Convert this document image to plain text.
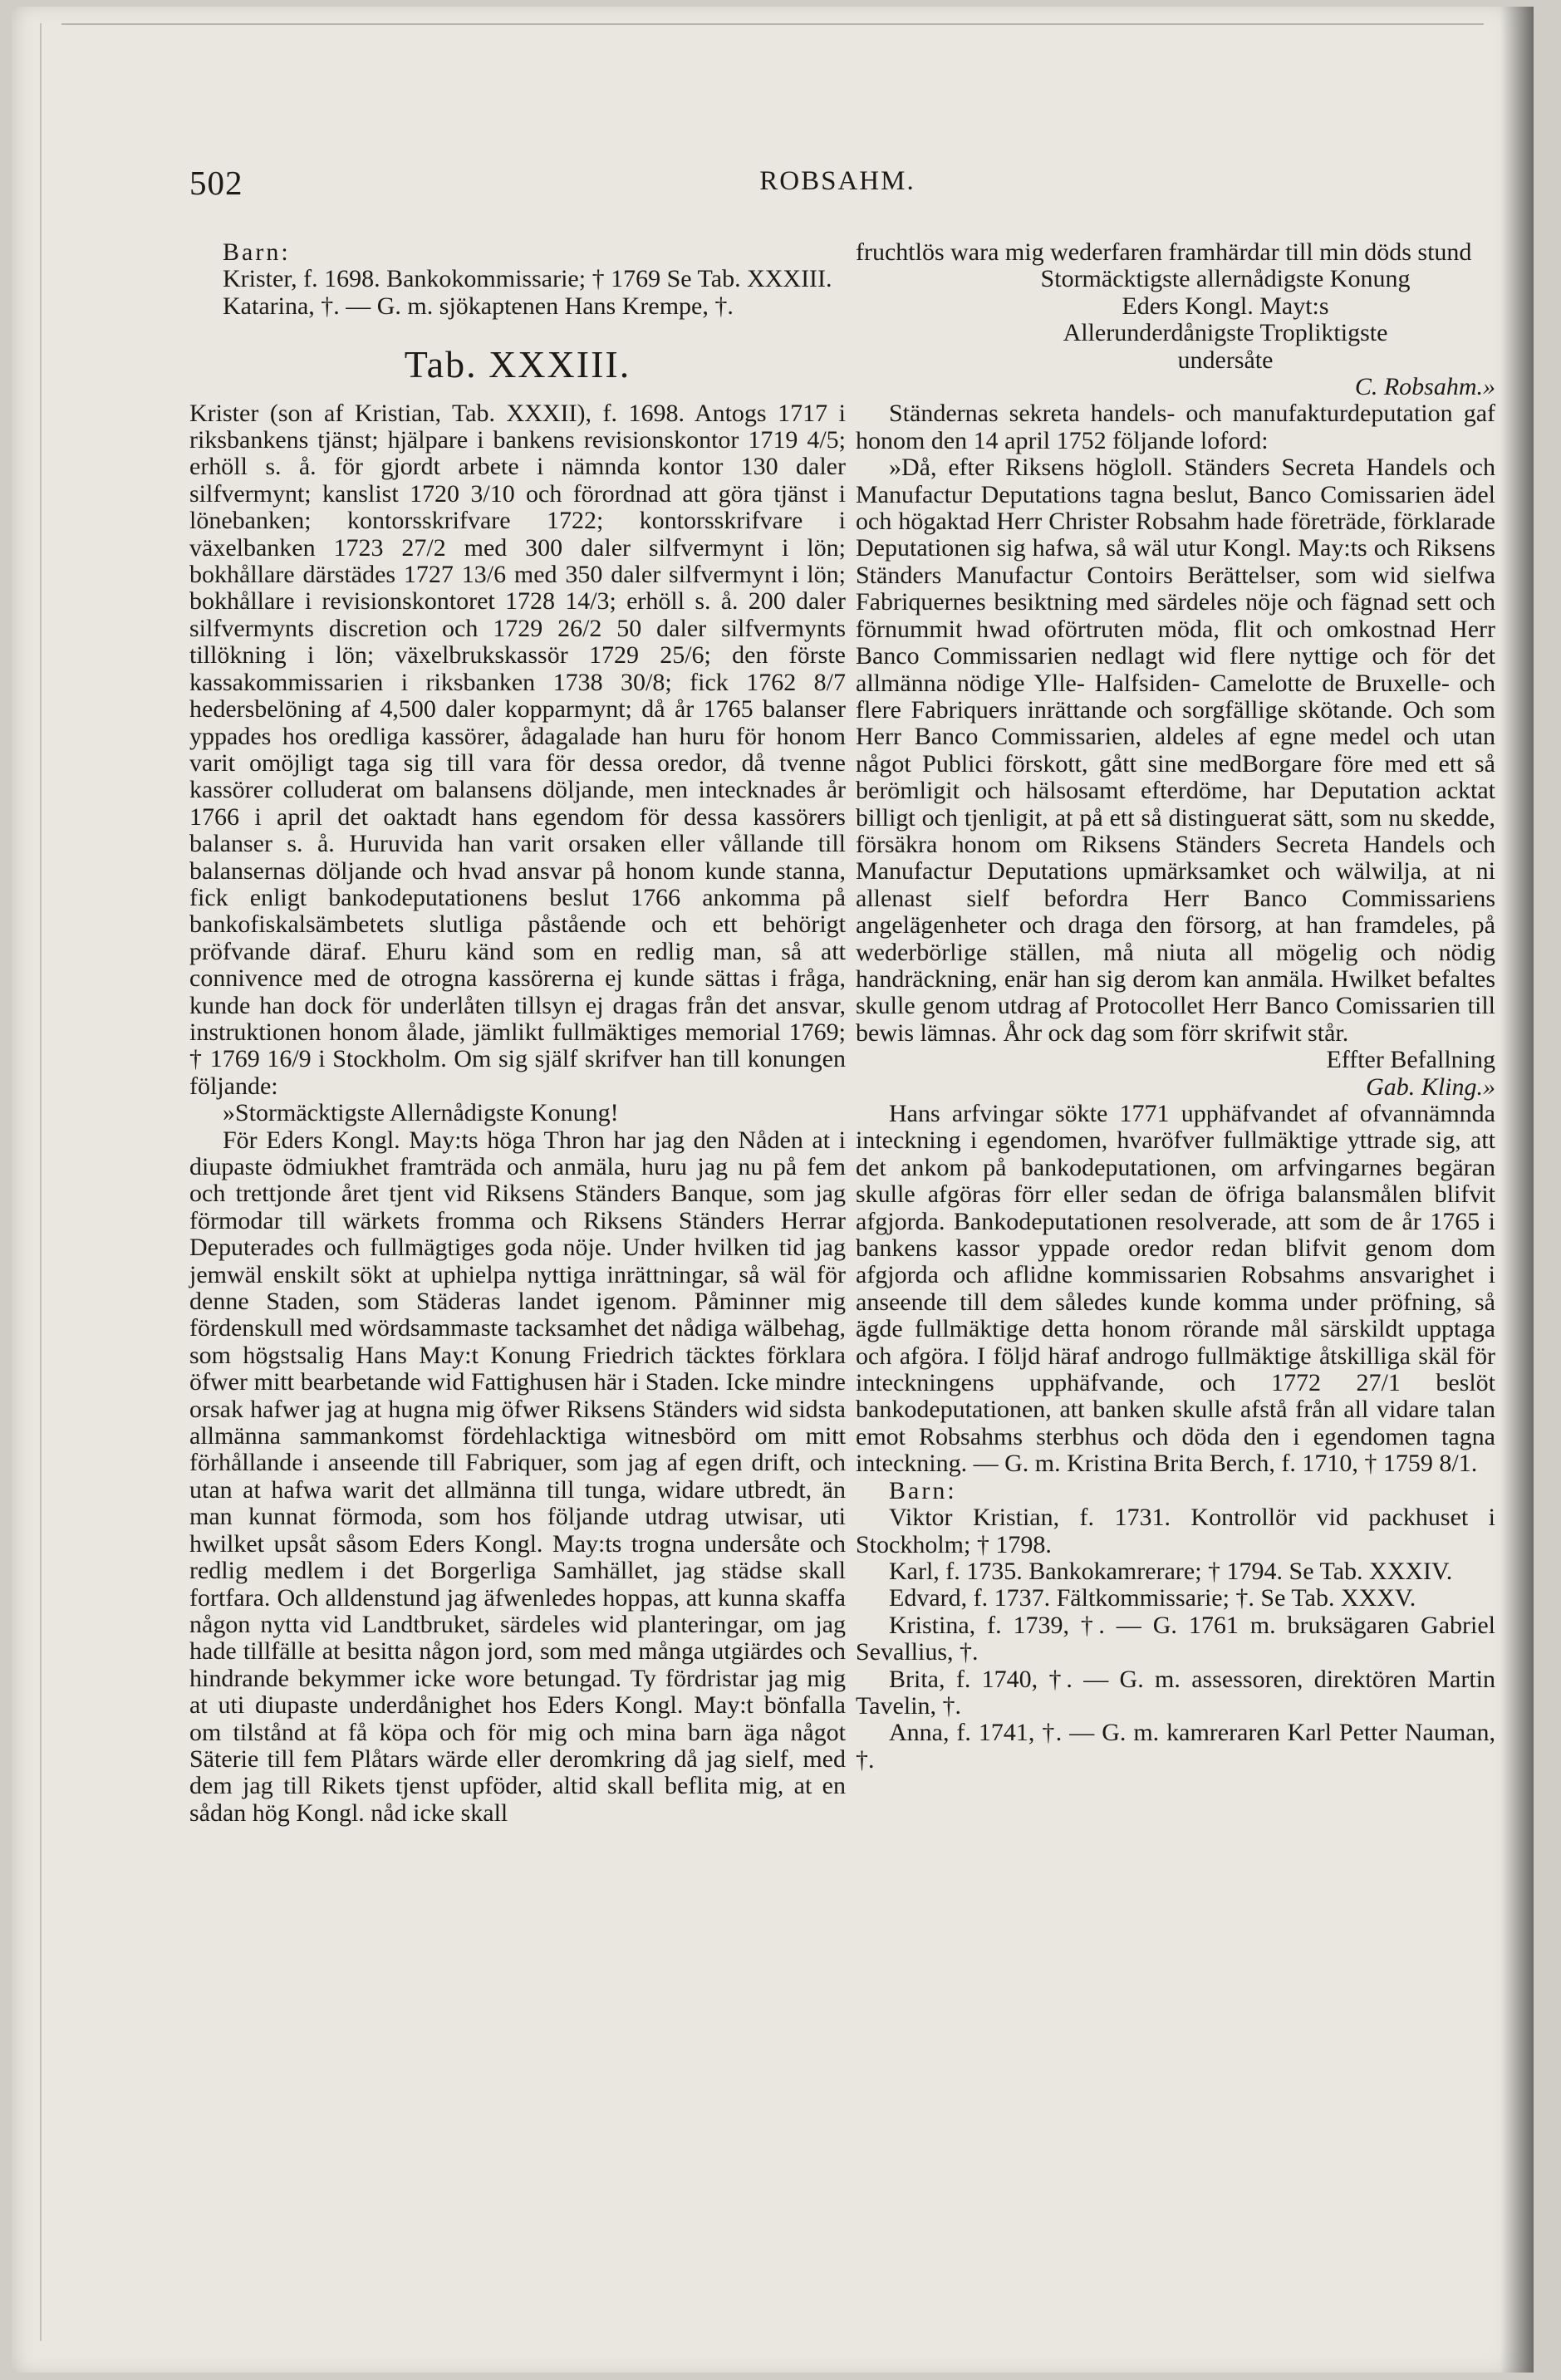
502	ROBSAHM.

Barn:

Krister, f. 1698. Bankokommissarie; † 1769 Se Tab. XXXIII.

Katarina, †. — G. m. sjökaptenen Hans Krempe, †.

Tab. XXXIII.

Krister (son af Kristian, Tab. XXXII), f. 1698. Antogs 1717 i riksbankens tjänst; hjälpare i bankens revisionskontor 1719 4/5; erhöll s. å. för gjordt arbete i nämnda kontor 130 daler silfvermynt; kanslist 1720 3/10 och förordnad att göra tjänst i lönebanken; kontorsskrifvare 1722; kontorsskrifvare i växelbanken 1723 27/2 med 300 daler silfvermynt i lön; bokhållare därstädes 1727 13/6 med 350 daler silfvermynt i lön; bokhållare i revisionskontoret 1728 14/3; erhöll s. å. 200 daler silfvermynts discretion och 1729 26/2 50 daler silfvermynts tillökning i lön; växelbrukskassör 1729 25/6; den förste kassakommissarien i riksbanken 1738 30/8; fick 1762 8/7 hedersbelöning af 4,500 daler kopparmynt; då år 1765 balanser yppades hos oredliga kassörer, ådagalade han huru för honom varit omöjligt taga sig till vara för dessa oredor, då tvenne kassörer colluderat om balansens döljande, men intecknades år 1766 i april det oaktadt hans egendom för dessa kassörers balanser s. å. Huruvida han varit orsaken eller vållande till balansernas döljande och hvad ansvar på honom kunde stanna, fick enligt bankodeputationens beslut 1766 ankomma på bankofiskalsämbetets slutliga påstående och ett behörigt pröfvande däraf. Ehuru känd som en redlig man, så att connivence med de otrogna kassörerna ej kunde sättas i fråga, kunde han dock för underlåten tillsyn ej dragas från det ansvar, instruktionen honom ålade, jämlikt fullmäktiges memorial 1769; † 1769 16/9 i Stockholm. Om sig själf skrifver han till konungen följande:

»Stormäcktigste Allernådigste Konung!

För Eders Kongl. May:ts höga Thron har jag den Nåden at i diupaste ödmiukhet framträda och anmäla, huru jag nu på fem och trettjonde året tjent vid Riksens Ständers Banque, som jag förmodar till wärkets fromma och Riksens Ständers Herrar Deputerades och fullmägtiges goda nöje. Under hvilken tid jag jemwäl enskilt sökt at uphielpa nyttiga inrättningar, så wäl för denne Staden, som Städeras landet igenom. Påminner mig fördenskull med wördsammaste tacksamhet det nådiga wälbehag, som högstsalig Hans May:t Konung Friedrich täcktes förklara öfwer mitt bearbetande wid Fattighusen här i Staden. Icke mindre orsak hafwer jag at hugna mig öfwer Riksens Ständers wid sidsta allmänna sammankomst fördehlacktiga witnesbörd om mitt förhållande i anseende till Fabriquer, som jag af egen drift, och utan at hafwa warit det allmänna till tunga, widare utbredt, än man kunnat förmoda, som hos följande utdrag utwisar, uti hwilket upsåt såsom Eders Kongl. May:ts trogna undersåte och redlig medlem i det Borgerliga Samhället, jag städse skall fortfara. Och alldenstund jag äfwenledes hoppas, att kunna skaffa någon nytta vid Landtbruket, särdeles wid planteringar, om jag hade tillfälle at besitta någon jord, som med många utgiärdes och hindrande bekymmer icke wore betungad. Ty fördristar jag mig at uti diupaste underdånighet hos Eders Kongl. May:t bönfalla om tilstånd at få köpa och för mig och mina barn äga något Säterie till fem Plåtars wärde eller deromkring då jag sielf, med dem jag till Rikets tjenst upföder, altid skall beflita mig, at en sådan hög Kongl. nåd icke skall

fruchtlös wara mig wederfaren framhärdar till min döds stund

Stormäcktigste allernådigste Konung

Eders Kongl. Mayt:s

Allerunderdånigste Tropliktigste

undersåte

C. Robsahm.»

Ständernas sekreta handels- och manufakturdeputation gaf honom den 14 april 1752 följande loford:

»Då, efter Riksens högloll. Ständers Secreta Handels och Manufactur Deputations tagna beslut, Banco Comissarien ädel och högaktad Herr Christer Robsahm hade företräde, förklarade Deputationen sig hafwa, så wäl utur Kongl. May:ts och Riksens Ständers Manufactur Contoirs Berättelser, som wid sielfwa Fabriquernes besiktning med särdeles nöje och fägnad sett och förnummit hwad oförtruten möda, flit och omkostnad Herr Banco Commissarien nedlagt wid flere nyttige och för det allmänna nödige Ylle- Halfsiden- Camelotte de Bruxelle- och flere Fabriquers inrättande och sorgfällige skötande. Och som Herr Banco Commissarien, aldeles af egne medel och utan något Publici förskott, gått sine medBorgare före med ett så berömligit och hälsosamt efterdöme, har Deputation acktat billigt och tjenligit, at på ett så distinguerat sätt, som nu skedde, försäkra honom om Riksens Ständers Secreta Handels och Manufactur Deputations upmärksamket och wälwilja, at ni allenast sielf befordra Herr Banco Commissariens angelägenheter och draga den försorg, at han framdeles, på wederbörlige ställen, må niuta all mögelig och nödig handräckning, enär han sig derom kan anmäla. Hwilket befaltes skulle genom utdrag af Protocollet Herr Banco Comissarien till bewis lämnas. Åhr ock dag som förr skrifwit står.

Effter Befallning

Gab. Kling.»

Hans arfvingar sökte 1771 upphäfvandet af ofvannämnda inteckning i egendomen, hvaröfver fullmäktige yttrade sig, att det ankom på bankodeputationen, om arfvingarnes begäran skulle afgöras förr eller sedan de öfriga balansmålen blifvit afgjorda. Bankodeputationen resolverade, att som de år 1765 i bankens kassor yppade oredor redan blifvit genom dom afgjorda och aflidne kommissarien Robsahms ansvarighet i anseende till dem således kunde komma under pröfning, så ägde fullmäktige detta honom rörande mål särskildt upptaga och afgöra. I följd häraf androgo fullmäktige åtskilliga skäl för inteckningens upphäfvande, och 1772 27/1 beslöt bankodeputationen, att banken skulle afstå från all vidare talan emot Robsahms sterbhus och döda den i egendomen tagna inteckning. — G. m. Kristina Brita Berch, f. 1710, † 1759 8/1.

Barn:

Viktor Kristian, f. 1731. Kontrollör vid packhuset i Stockholm; † 1798.

Karl, f. 1735. Bankokamrerare; † 1794. Se Tab. XXXIV.

Edvard, f. 1737. Fältkommissarie; †. Se Tab. XXXV.

Kristina, f. 1739, †. — G. 1761 m. bruksägaren Gabriel Sevallius, †.

Brita, f. 1740, †. — G. m. assessoren, direktören Martin Tavelin, †.

Anna, f. 1741, †. — G. m. kamreraren Karl Petter Nauman, †.
